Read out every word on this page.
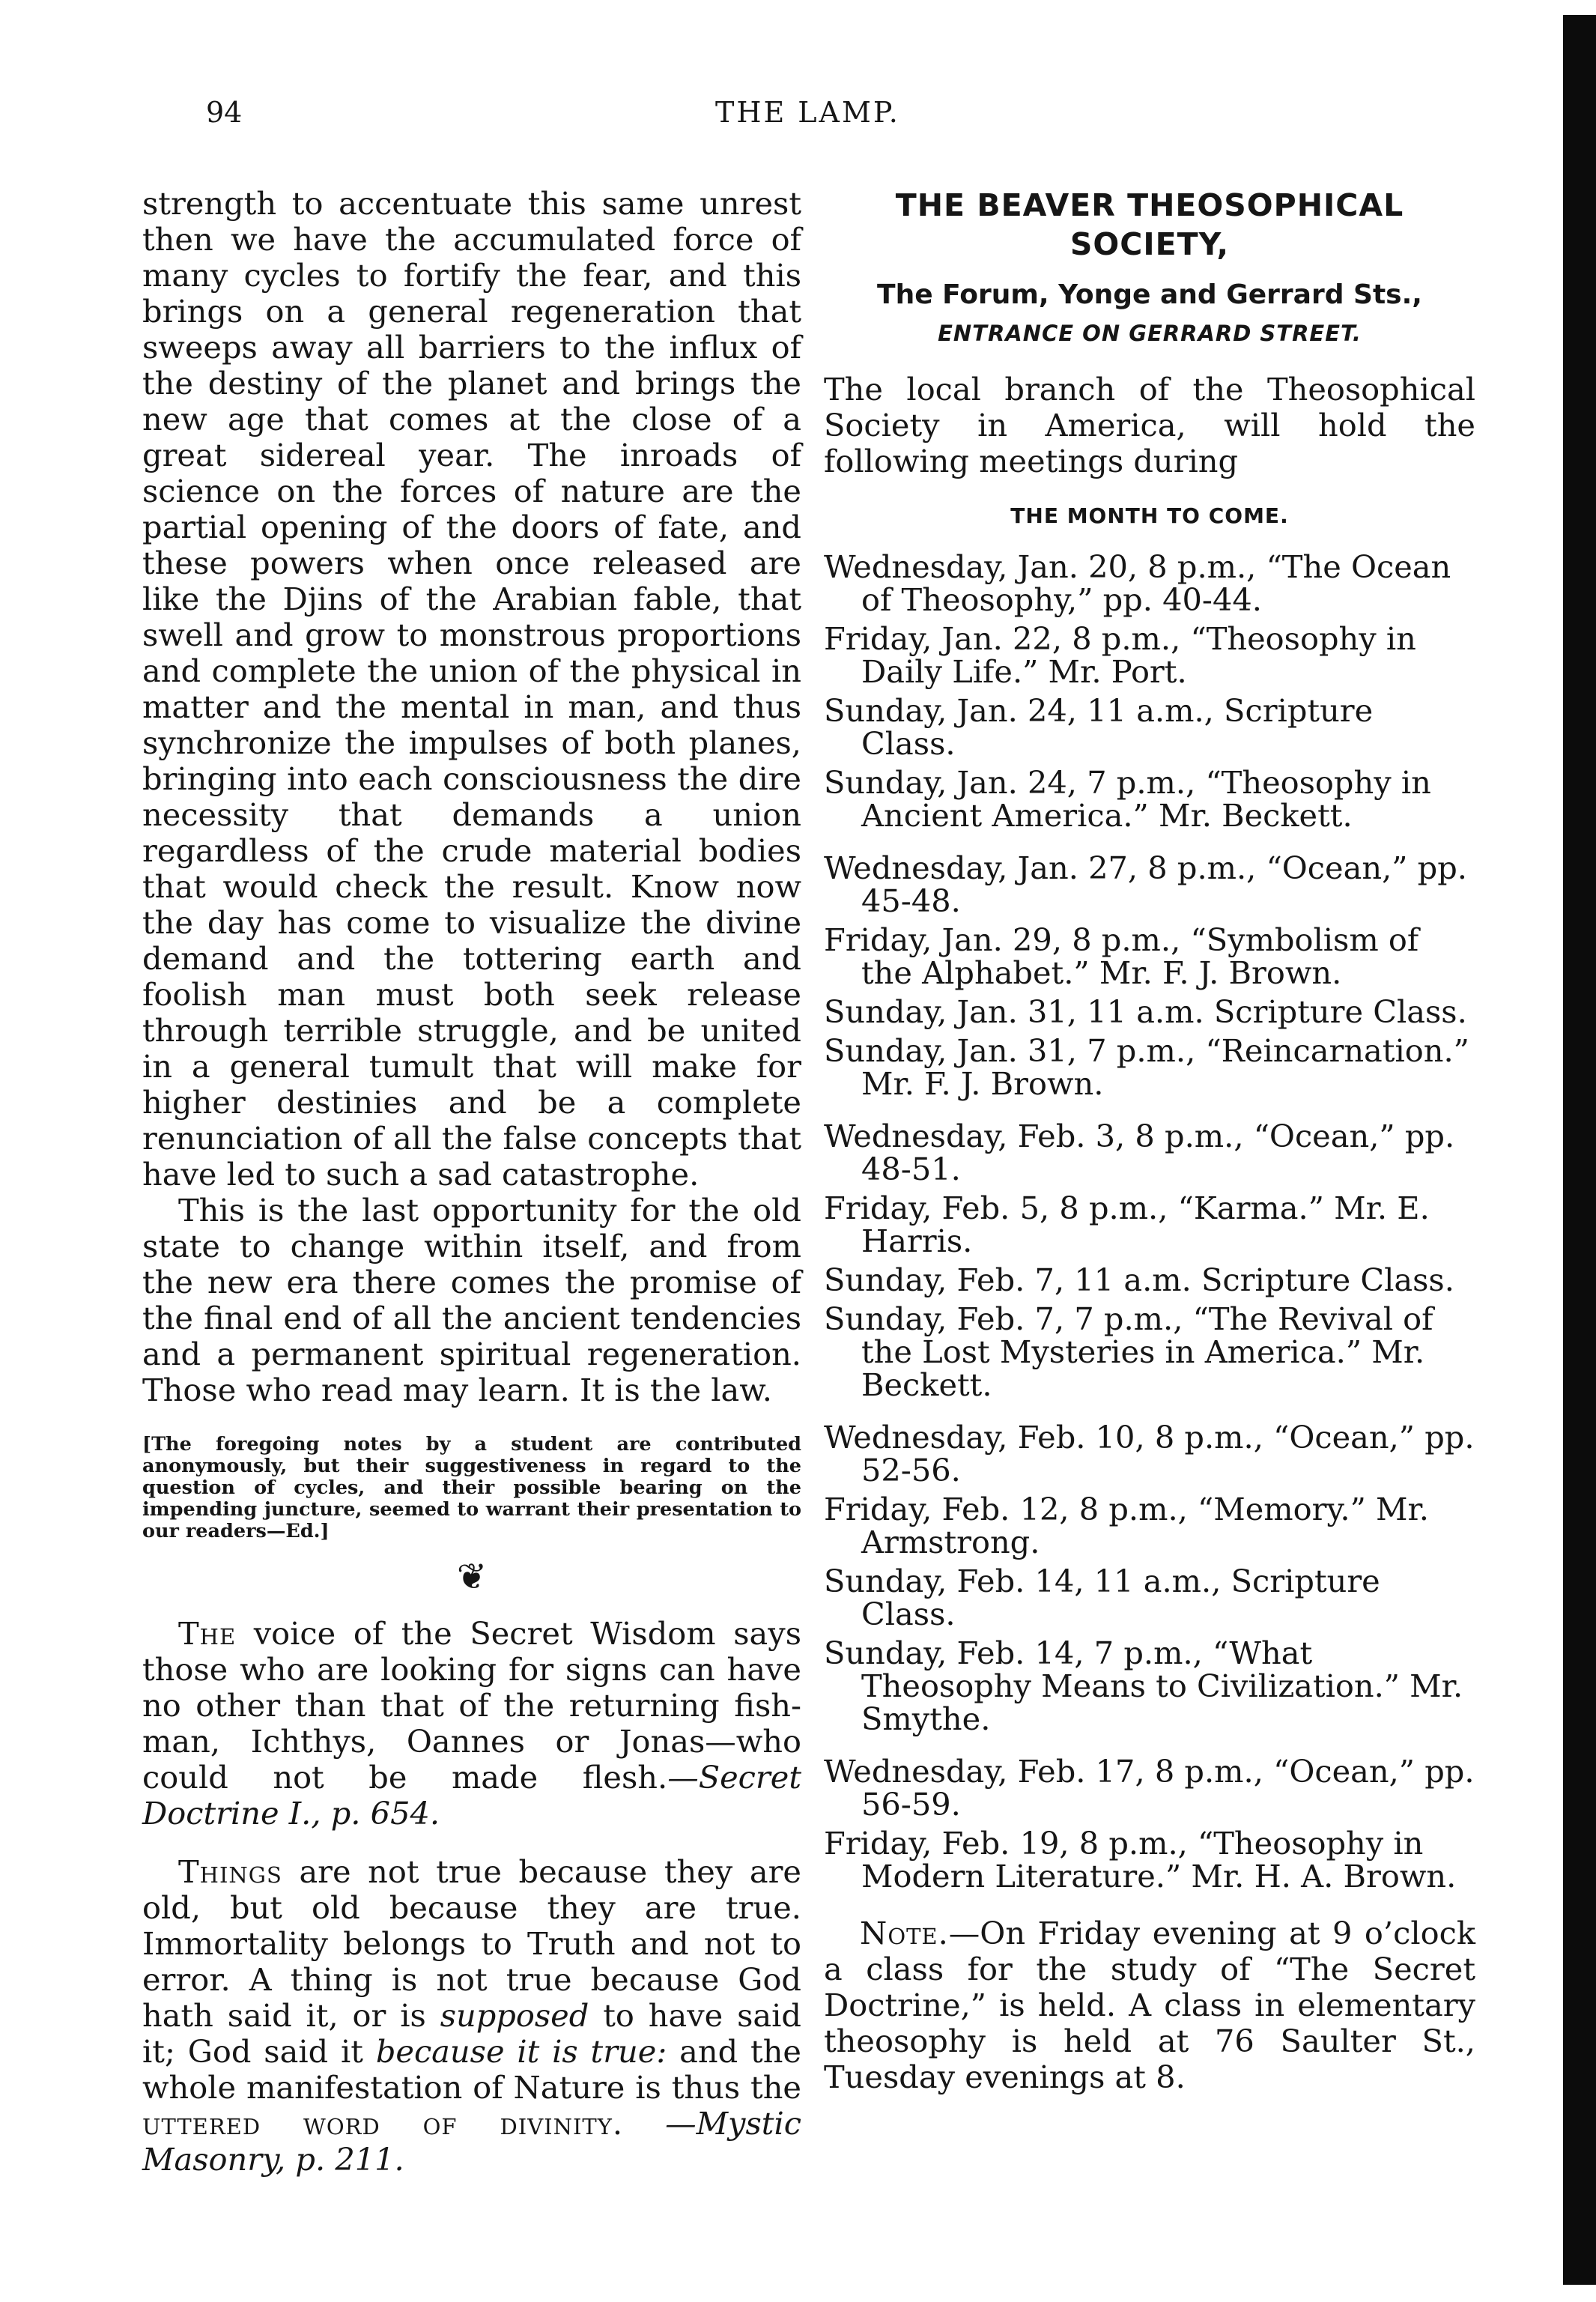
94	THE LAMP.

strength to accentuate this same unrest then we have the accumulated force of many cycles to fortify the fear, and this brings on a general regeneration that sweeps away all barriers to the influx of the destiny of the planet and brings the new age that comes at the close of a great sidereal year. The inroads of science on the forces of nature are the partial opening of the doors of fate, and these powers when once released are like the Djins of the Arabian fable, that swell and grow to monstrous proportions and complete the union of the physical in matter and the mental in man, and thus synchronize the impulses of both planes, bringing into each consciousness the dire necessity that demands a union regardless of the crude material bodies that would check the result. Know now the day has come to visualize the divine demand and the tottering earth and foolish man must both seek release through terrible struggle, and be united in a general tumult that will make for higher destinies and be a complete renunciation of all the false concepts that have led to such a sad catastrophe.

This is the last opportunity for the old state to change within itself, and from the new era there comes the promise of the final end of all the ancient tendencies and a permanent spiritual regeneration. Those who read may learn. It is the law.

[The foregoing notes by a student are contributed anonymously, but their suggestiveness in regard to the question of cycles, and their possible bearing on the impending juncture, seemed to warrant their presentation to our readers—Ed.]

❦

The voice of the Secret Wisdom says those who are looking for signs can have no other than that of the returning fish-man, Ichthys, Oannes or Jonas—who could not be made flesh.—Secret Doctrine I., p. 654.

Things are not true because they are old, but old because they are true. Immortality belongs to Truth and not to error. A thing is not true because God hath said it, or is supposed to have said it; God said it because it is true: and the whole manifestation of Nature is thus the uttered word of divinity. —Mystic Masonry, p. 211.

THE BEAVER THEOSOPHICAL SOCIETY,

The Forum, Yonge and Gerrard Sts.,

ENTRANCE ON GERRARD STREET.

The local branch of the Theosophical Society in America, will hold the following meetings during

THE MONTH TO COME.

Wednesday, Jan. 20, 8 p.m., “The Ocean of Theosophy,” pp. 40-44.
Friday, Jan. 22, 8 p.m., “Theosophy in Daily Life.” Mr. Port.
Sunday, Jan. 24, 11 a.m., Scripture Class.
Sunday, Jan. 24, 7 p.m., “Theosophy in Ancient America.” Mr. Beckett.
Wednesday, Jan. 27, 8 p.m., “Ocean,” pp. 45-48.
Friday, Jan. 29, 8 p.m., “Symbolism of the Alphabet.” Mr. F. J. Brown.
Sunday, Jan. 31, 11 a.m. Scripture Class.
Sunday, Jan. 31, 7 p.m., “Reincarnation.” Mr. F. J. Brown.
Wednesday, Feb. 3, 8 p.m., “Ocean,” pp. 48-51.
Friday, Feb. 5, 8 p.m., “Karma.” Mr. E. Harris.
Sunday, Feb. 7, 11 a.m. Scripture Class.
Sunday, Feb. 7, 7 p.m., “The Revival of the Lost Mysteries in America.” Mr. Beckett.
Wednesday, Feb. 10, 8 p.m., “Ocean,” pp. 52-56.
Friday, Feb. 12, 8 p.m., “Memory.” Mr. Armstrong.
Sunday, Feb. 14, 11 a.m., Scripture Class.
Sunday, Feb. 14, 7 p.m., “What Theosophy Means to Civilization.” Mr. Smythe.
Wednesday, Feb. 17, 8 p.m., “Ocean,” pp. 56-59.
Friday, Feb. 19, 8 p.m., “Theosophy in Modern Literature.” Mr. H. A. Brown.

Note.—On Friday evening at 9 o’clock a class for the study of “The Secret Doctrine,” is held. A class in elementary theosophy is held at 76 Saulter St., Tuesday evenings at 8.
